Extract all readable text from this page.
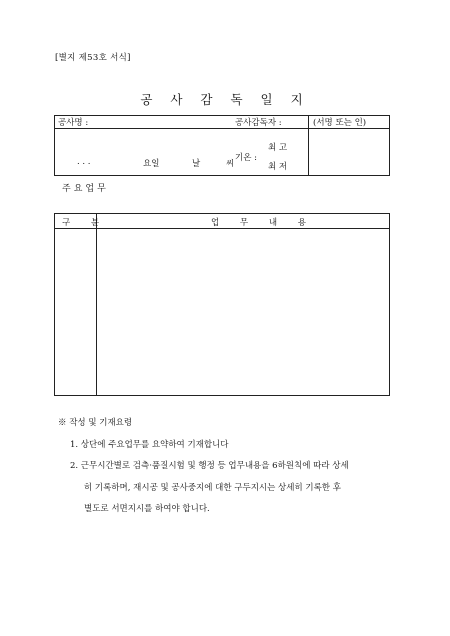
[별지 제53호 서식]
공 사 감 독 일 지
공사명 :	공사감독자 :	(서명 또는 인)
. . .	요일	날	씨
기온 :
최 고
최 저
주요업무
구 분	업 무 내 용
※ 작성 및 기재요령
1. 상단에 주요업무를 요약하여 기재합니다
2. 근무시간별로 검측·품질시험 및 행정 등 업무내용을 6하원칙에 따라 상세
히 기록하며, 재시공 및 공사중지에 대한 구두지시는 상세히 기록한 후
별도로 서면지시를 하여야 합니다.
